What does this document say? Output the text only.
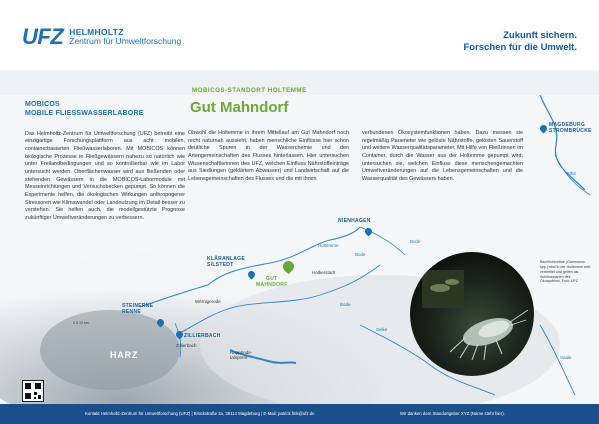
UFZ HELMHOLTZ
Zentrum für Umweltforschung	Zukunft sichern.
Forschen für die Umwelt.
MOBICOS
MOBILE FLIESSWASSERLABORE
Das Helmholtz-Zentrum für Umweltforschung (UFZ) betreibt eine einzigartige Forschungsplattform aus acht mobilen, containerbasierten Fließwasserlaboren. Mit MOBICOS können biologische Prozesse in Fließgewässern nahezu so natürlich wie unter Freilandbedingungen und so kontrollierbar wie im Labor untersucht werden. Oberflächenwasser wird aus fließenden oder stehenden Gewässern in die MOBICOS-Labormodule mit Messeinrichtungen und Versuchsbecken gepumpt. So können die Experimente helfen, die ökologischen Wirkungen anthropogener Stressoren wie Klimawandel oder Landnutzung im Detail besser zu verstehen. Sie helfen auch, die modellgestützte Prognose zukünftiger Umweltveränderungen zu verbessern.
MOBICOS-STANDORT HOLTEMME
Gut Mahndorf
Obwohl die Holtemme in ihrem Mittellauf am Gut Mahndorf noch recht naturnah aussieht, haben menschliche Einflüsse hier schon deutliche Spuren in der Wasserchemie und den Artengemeinschaften des Flusses hinterlassen. Hier untersuchen Wissenschaftlerinnen des UFZ, welchen Einfluss Nährstoffeinträge aus Siedlungen (geklärtem Abwasser) und Landwirtschaft auf die Lebensgemeinschaften des Flusses und die mit ihnen
verbundenen Ökosystemfunktionen haben. Dazu messen sie regelmäßig Parameter wie gelöste Nährstoffe, gelösten Sauerstoff und weitere Wasserqualitätsparameter. Mit Hilfe von Fließrinnen im Container, durch die Wasser aus der Holtemme gepumpt wird, untersuchen sie, welchen Einfluss diese menschengemachten Umweltveränderungen auf die Lebensgemeinschaften und die Wasserqualität des Gewässers haben.
MAGDEBURG STROMBRÜCKE
Elbe
NIENHAGEN
Holtemme
KLÄRANLAGE
SILSTEDT
GUT
MAHNDORF
Halberstadt
STEINERNE
RENNE
Wernigerode
ZILLIERBACH
Zillierbach
HARZ	Rappbode-
talsperre
Bode
Bode
Bode
Selke
Saale
0 5 10 km
Bachflohkrebse (Gammarus spp.) sind in der Holtemme weit verbreitet und gelten als Schlüsselarten des Ökosystems. Foto: UFZ
Kontakt Helmholtz-Zentrum für Umweltforschung (UFZ) | Brückstraße 3a, 39114 Magdeburg | E-Mail: patrick.fink@ufz.de	Wir danken dem Standortgeber XYZ (Name steht hier).
